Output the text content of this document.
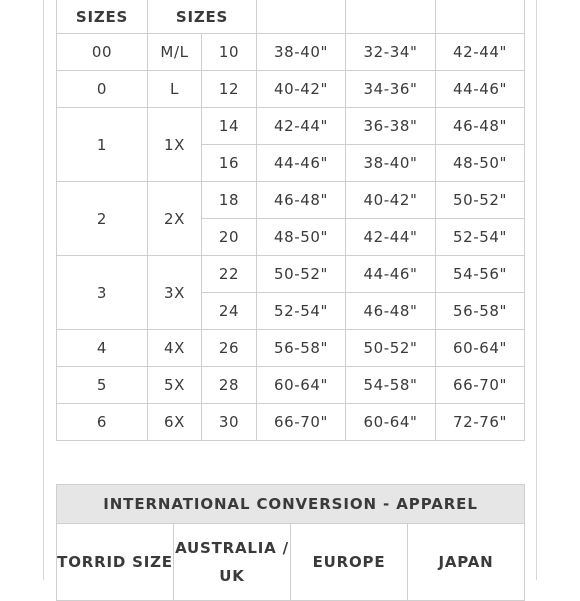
SIZES	SIZES				
00	M/L	10	38-40"	32-34"	42-44"
0	L	12	40-42"	34-36"	44-46"
1	1X	14	42-44"	36-38"	46-48"
		16	44-46"	38-40"	48-50"
2	2X	18	46-48"	40-42"	50-52"
		20	48-50"	42-44"	52-54"
3	3X	22	50-52"	44-46"	54-56"
		24	52-54"	46-48"	56-58"
4	4X	26	56-58"	50-52"	60-64"
5	5X	28	60-64"	54-58"	66-70"
6	6X	30	66-70"	60-64"	72-76"
INTERNATIONAL CONVERSION - APPAREL
TORRID SIZE	AUSTRALIA / UK	EUROPE	JAPAN
